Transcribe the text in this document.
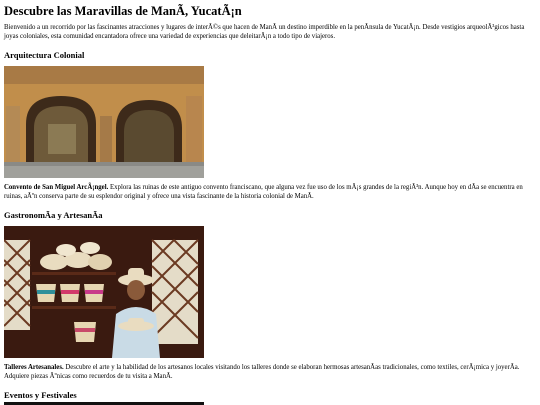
Descubre las Maravillas de ManÃ, YucatÃ¡n

Bienvenido a un recorrido por las fascinantes atracciones y lugares de interÃ©s que hacen de ManÃ un destino imperdible en la penÃnsula de YucatÃ¡n. Desde vestigios arqueolÃ³gicos hasta joyas coloniales, esta comunidad encantadora ofrece una variedad de experiencias que deleitarÃ¡n a todo tipo de viajeros.

Arquitectura Colonial

Convento de San Miguel ArcÃ¡ngel. Explora las ruinas de este antiguo convento franciscano, que alguna vez fue uso de los mÃ¡s grandes de la regiÃ³n. Aunque hoy en dÃa se encuentra en ruinas, aÃºn conserva parte de su esplendor original y ofrece una vista fascinante de la historia colonial de ManÃ.

GastronomÃa y ArtesanÃa

Talleres Artesanales. Descubre el arte y la habilidad de los artesanos locales visitando los talleres donde se elaboran hermosas artesanÃas tradicionales, como textiles, cerÃ¡mica y joyerÃa. Adquiere piezas Ãºnicas como recuerdos de tu visita a ManÃ.

Eventos y Festivales
